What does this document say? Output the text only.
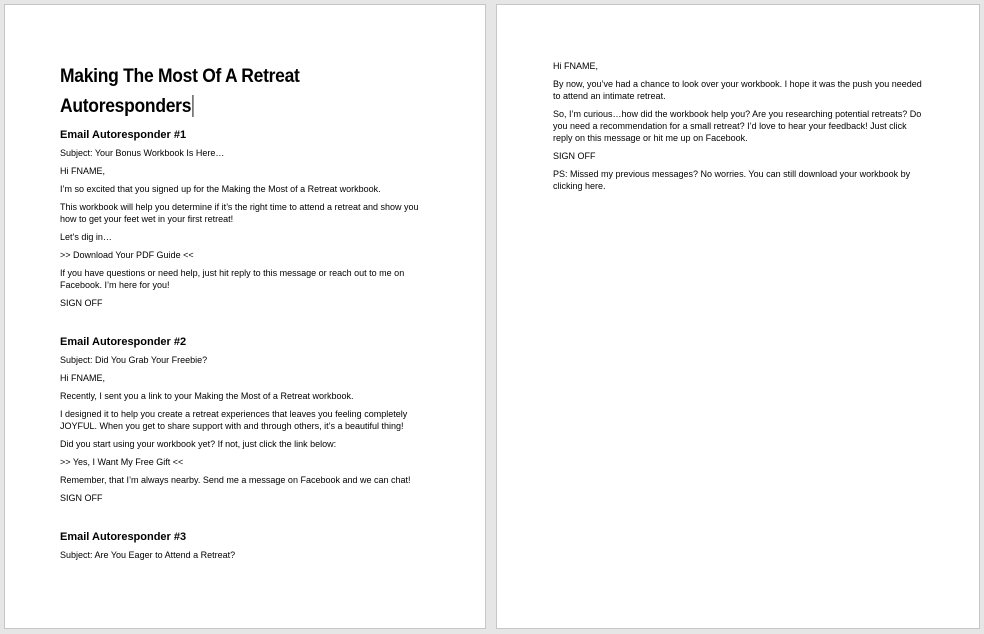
Making The Most Of A Retreat
Autoresponders
Email Autoresponder #1

Subject: Your Bonus Workbook Is Here…

Hi FNAME,

I’m so excited that you signed up for the Making the Most of a Retreat workbook.

This workbook will help you determine if it’s the right time to attend a retreat and show you how to get your feet wet in your first retreat!

Let’s dig in…

>> Download Your PDF Guide <<

If you have questions or need help, just hit reply to this message or reach out to me on Facebook. I’m here for you!

SIGN OFF

Email Autoresponder #2

Subject: Did You Grab Your Freebie?

Hi FNAME,

Recently, I sent you a link to your Making the Most of a Retreat workbook.

I designed it to help you create a retreat experiences that leaves you feeling completely JOYFUL. When you get to share support with and through others, it’s a beautiful thing!

Did you start using your workbook yet? If not, just click the link below:

>> Yes, I Want My Free Gift <<

Remember, that I’m always nearby. Send me a message on Facebook and we can chat!

SIGN OFF

Email Autoresponder #3

Subject: Are You Eager to Attend a Retreat?

Hi FNAME,

By now, you’ve had a chance to look over your workbook. I hope it was the push you needed to attend an intimate retreat.

So, I’m curious…how did the workbook help you? Are you researching potential retreats? Do you need a recommendation for a small retreat? I’d love to hear your feedback! Just click reply on this message or hit me up on Facebook.

SIGN OFF

PS: Missed my previous messages? No worries. You can still download your workbook by clicking here.
